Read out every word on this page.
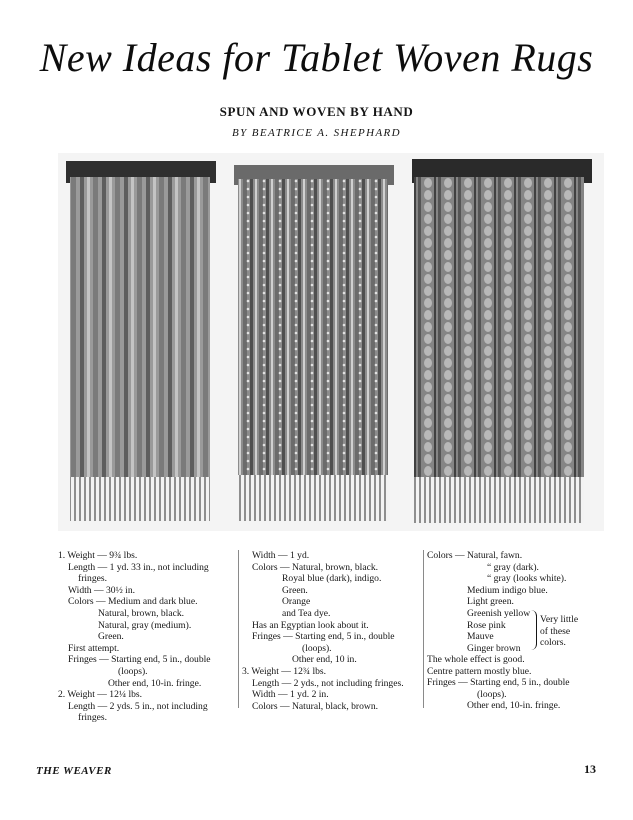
New Ideas for Tablet Woven Rugs
SPUN AND WOVEN BY HAND
BY BEATRICE A. SHEPHARD
1. Weight — 9¾ lbs.
Length — 1 yd. 33 in., not including
fringes.
Width — 30½ in.
Colors — Medium and dark blue.
Natural, brown, black.
Natural, gray (medium).
Green.
First attempt.
Fringes — Starting end, 5 in., double
(loops).
Other end, 10-in. fringe.
2. Weight — 12¼ lbs.
Length — 2 yds. 5 in., not including
fringes.
Width — 1 yd.
Colors — Natural, brown, black.
Royal blue (dark), indigo.
Green.
Orange
and Tea dye.
Has an Egyptian look about it.
Fringes — Starting end, 5 in., double
(loops).
Other end, 10 in.
3. Weight — 12¾ lbs.
Length — 2 yds., not including fringes.
Width — 1 yd. 2 in.
Colors — Natural, black, brown.
Colors — Natural, fawn.
“ gray (dark).
“ gray (looks white).
Medium indigo blue.
Light green.
Greenish yellow
Rose pink
Mauve
Ginger brown
Very little
of these
colors.
The whole effect is good.
Centre pattern mostly blue.
Fringes — Starting end, 5 in., double
(loops).
Other end, 10-in. fringe.
THE WEAVER	13
